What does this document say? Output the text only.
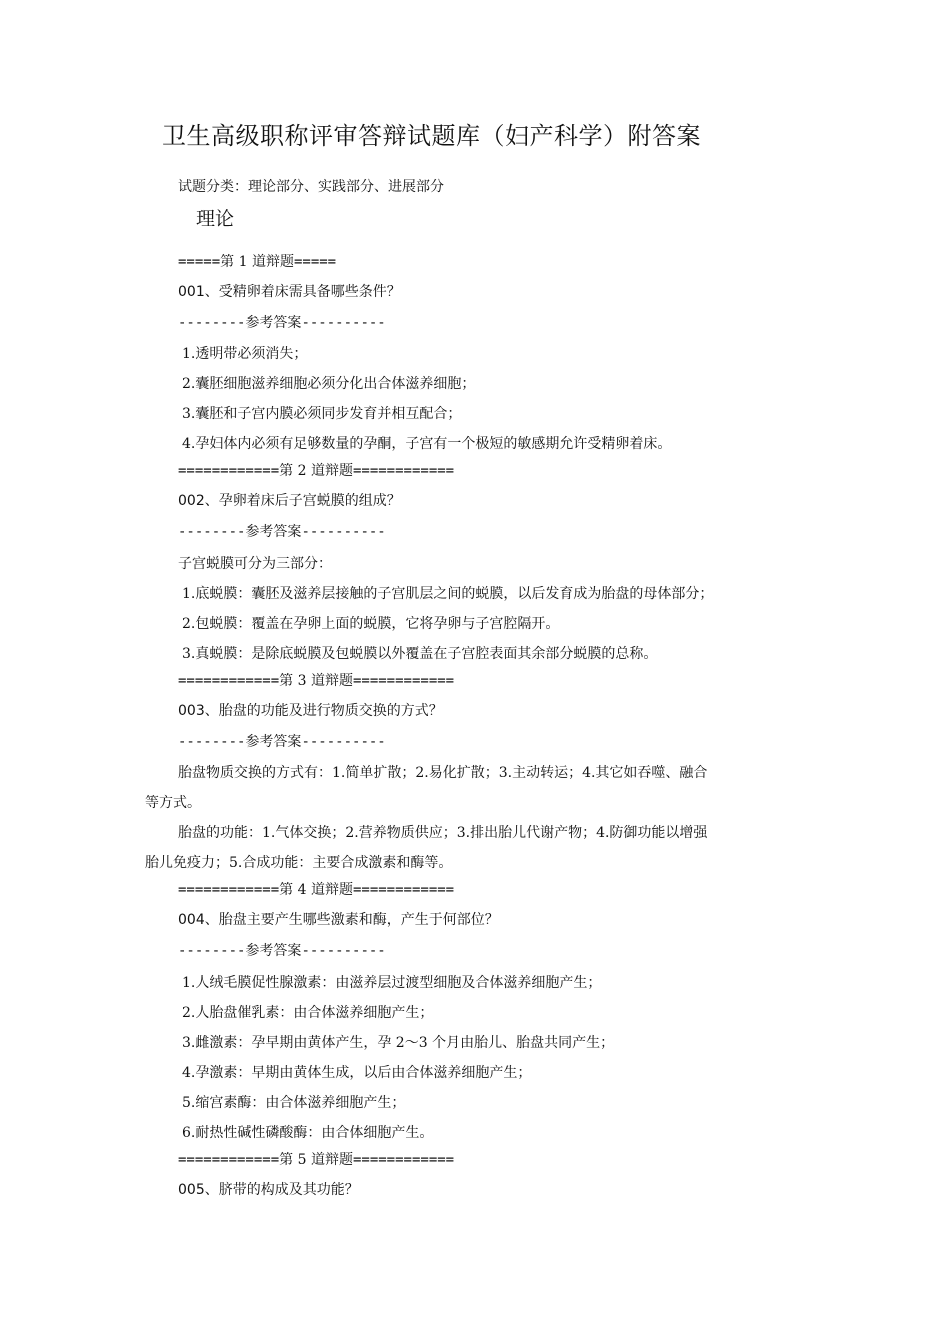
卫生高级职称评审答辩试题库（妇产科学）附答案
试题分类：理论部分、实践部分、进展部分
理论
=====第 1 道辩题=====
001、受精卵着床需具备哪些条件？
--------参考答案----------
1.透明带必须消失；
2.囊胚细胞滋养细胞必须分化出合体滋养细胞；
3.囊胚和子宫内膜必须同步发育并相互配合；
4.孕妇体内必须有足够数量的孕酮，子宫有一个极短的敏感期允许受精卵着床。
============第 2 道辩题============
002、孕卵着床后子宫蜕膜的组成？
--------参考答案----------
子宫蜕膜可分为三部分：
1.底蜕膜：囊胚及滋养层接触的子宫肌层之间的蜕膜，以后发育成为胎盘的母体部分；
2.包蜕膜：覆盖在孕卵上面的蜕膜，它将孕卵与子宫腔隔开。
3.真蜕膜：是除底蜕膜及包蜕膜以外覆盖在子宫腔表面其余部分蜕膜的总称。
============第 3 道辩题============
003、胎盘的功能及进行物质交换的方式？
--------参考答案----------
胎盘物质交换的方式有：1.简单扩散；2.易化扩散；3.主动转运；4.其它如吞噬、融合
等方式。
胎盘的功能：1.气体交换；2.营养物质供应；3.排出胎儿代谢产物；4.防御功能以增强
胎儿免疫力；5.合成功能：主要合成激素和酶等。
============第 4 道辩题============
004、胎盘主要产生哪些激素和酶，产生于何部位？
--------参考答案----------
1.人绒毛膜促性腺激素：由滋养层过渡型细胞及合体滋养细胞产生；
2.人胎盘催乳素：由合体滋养细胞产生；
3.雌激素：孕早期由黄体产生，孕 2～3 个月由胎儿、胎盘共同产生；
4.孕激素：早期由黄体生成，以后由合体滋养细胞产生；
5.缩宫素酶：由合体滋养细胞产生；
6.耐热性碱性磷酸酶：由合体细胞产生。
============第 5 道辩题============
005、脐带的构成及其功能？
